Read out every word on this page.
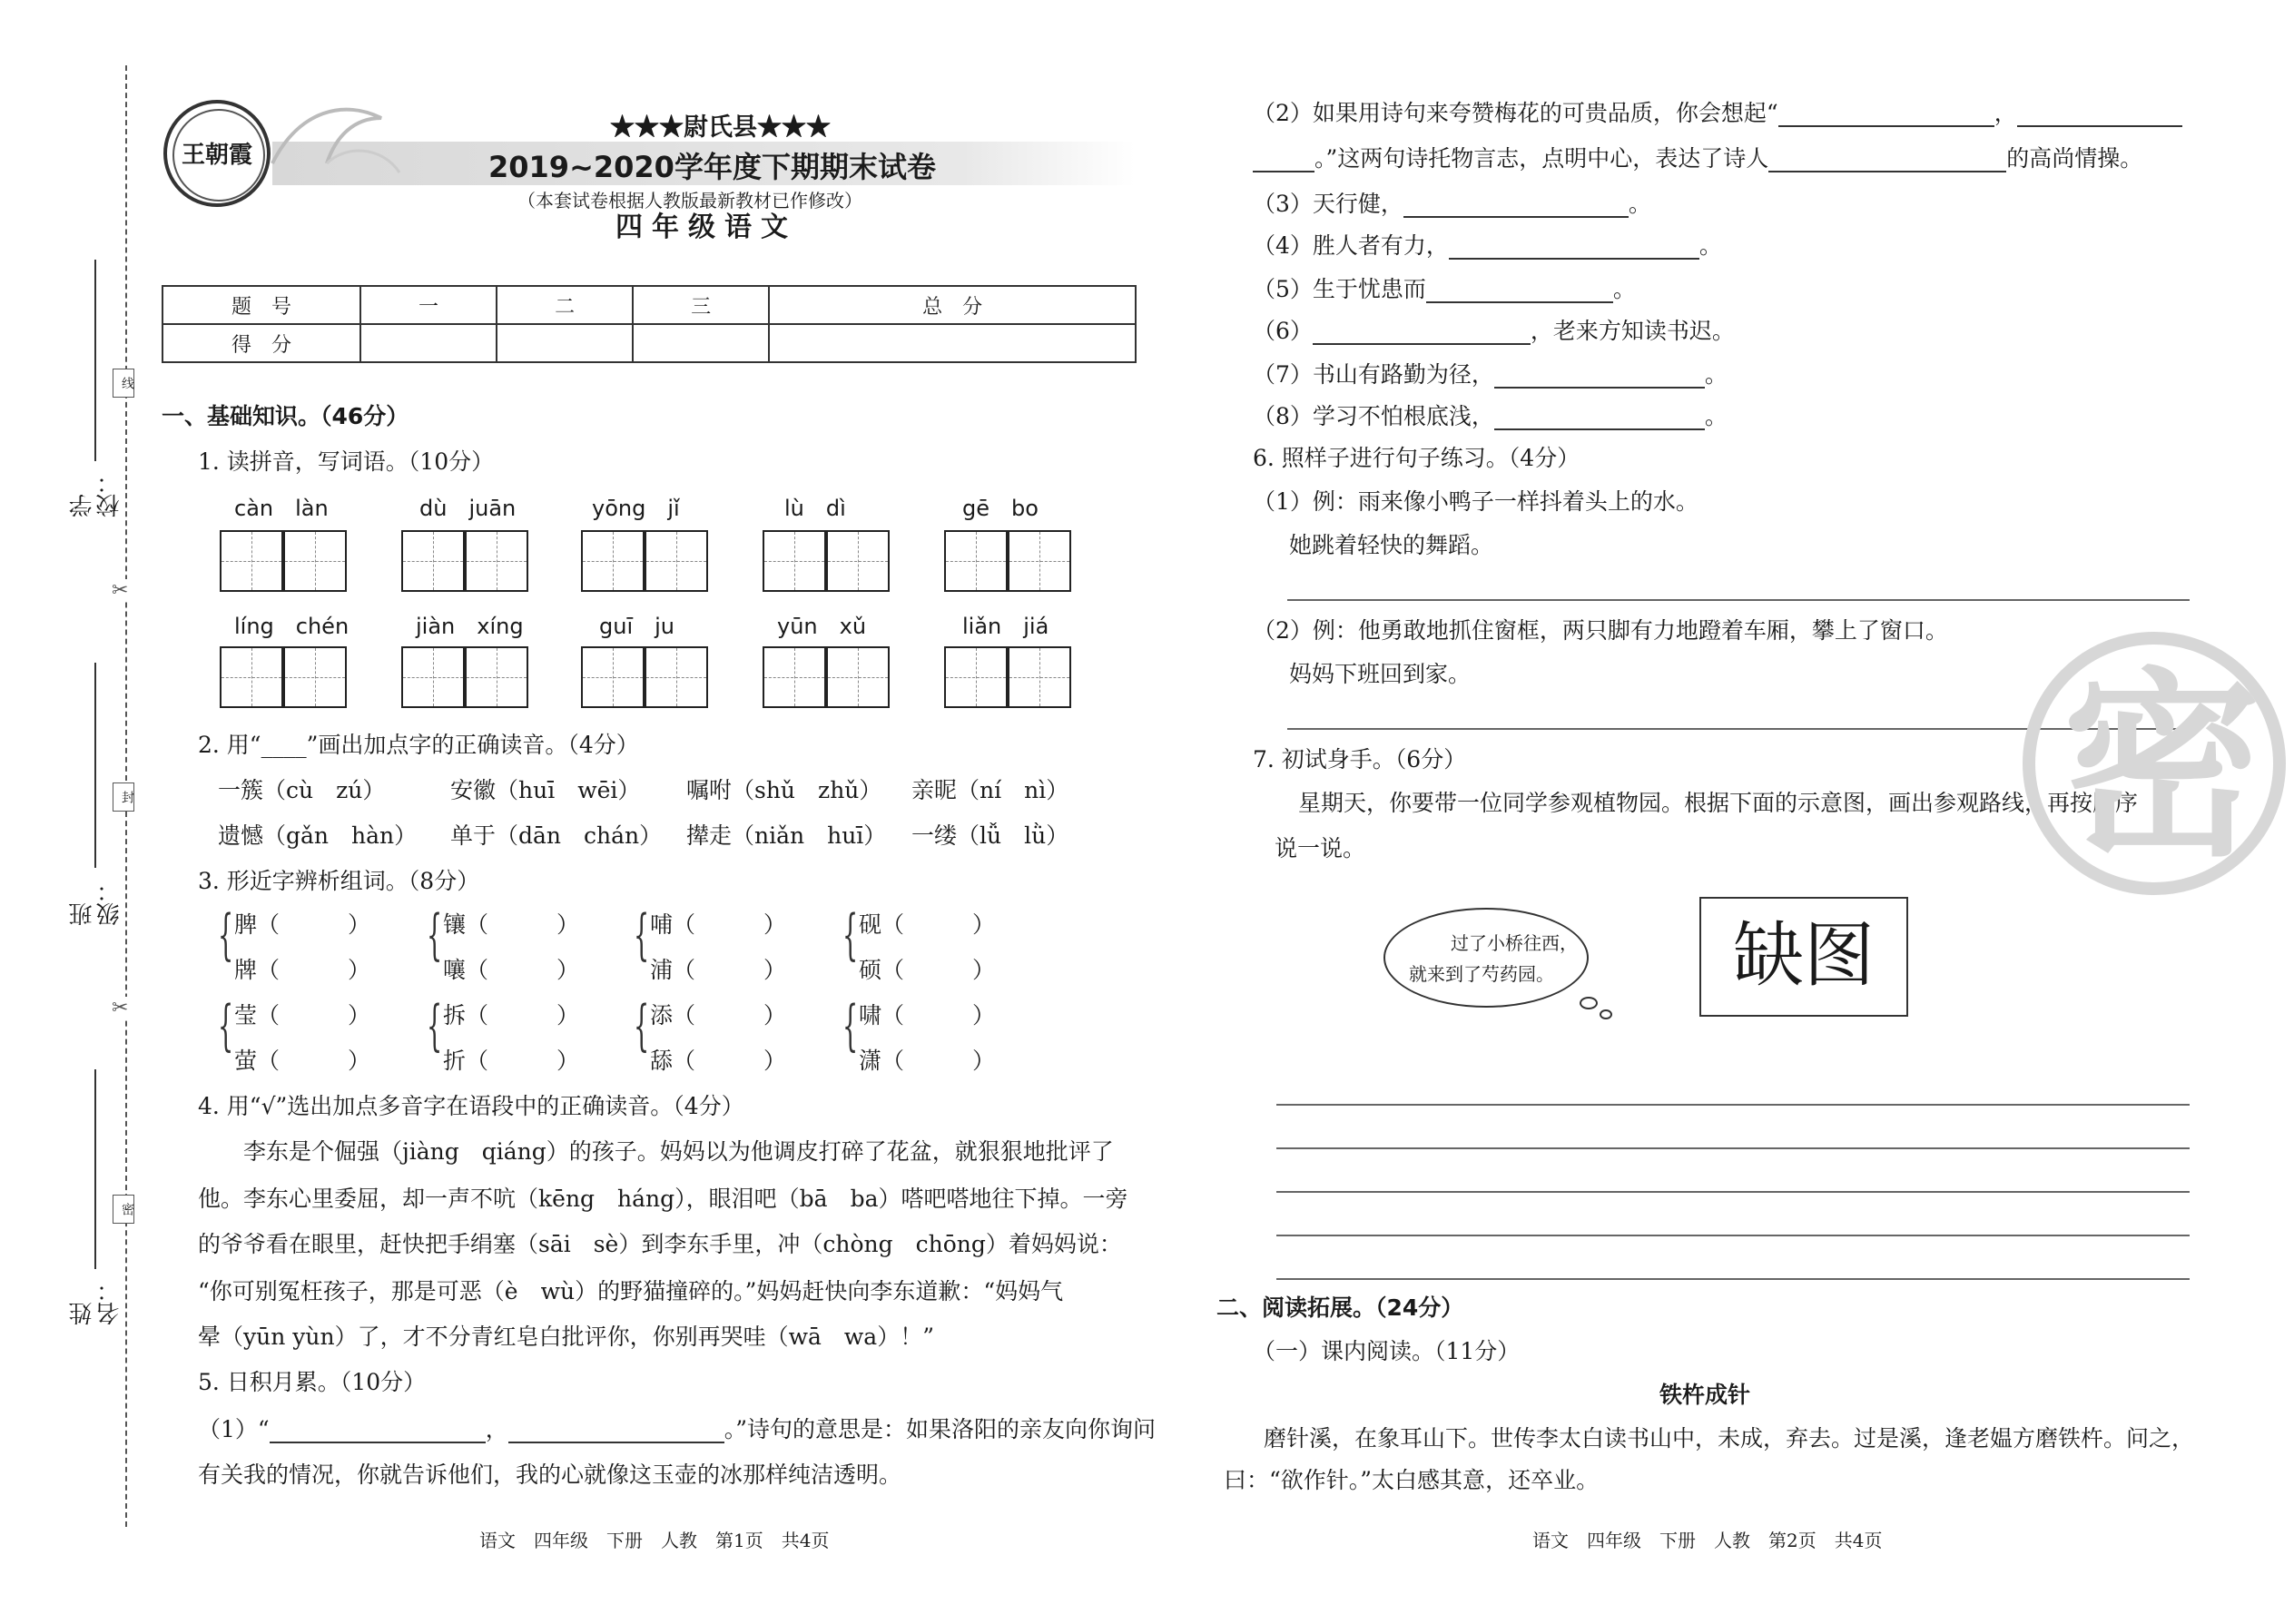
学校：
班级：
姓名：
线
封
密
✂
✂
王朝霞
★★★尉氏县★★★
2019~2020学年度下期期末试卷
（本套试卷根据人教版最新教材已作修改）
四年级语文
题　号	一	二	三	总　分
得　分				
一、基础知识。（46分）
1. 读拼音，写词语。（10分）
càn　làn	dù　juān	yōng　jǐ	lù　dì	gē　bo
líng　chén	jiàn　xíng	guī　ju	yūn　xǔ	liǎn　jiá
2. 用“____”画出加点字的正确读音。（4分）
一簇（cù　zú）	安徽（huī　wēi） 嘱咐（shǔ　zhǔ） 亲昵（ní　nì）
遗憾（gǎn　hàn） 单于（dān　chán） 撵走（niǎn　huī） 一缕（lǚ　lǜ）
3. 形近字辨析组词。（8分）
{ 脾（　　　）
牌（　　　）
{ 镶（　　　）
嚷（　　　）
{ 哺（　　　）
浦（　　　）
{ 砚（　　　）
硕（　　　）
{ 莹（　　　）
萤（　　　）
{ 拆（　　　）
折（　　　）
{ 添（　　　）
舔（　　　）
{ 啸（　　　）
潇（　　　）
4. 用“√”选出加点多音字在语段中的正确读音。（4分）
　　李东是个倔强（jiàng　qiáng）的孩子。妈妈以为他调皮打碎了花盆，就狠狠地批评了
他。李东心里委屈，却一声不吭（kēng　háng），眼泪吧（bā　ba）嗒吧嗒地往下掉。一旁
的爷爷看在眼里，赶快把手绢塞（sāi　sè）到李东手里，冲（chòng　chōng）着妈妈说：
“你可别冤枉孩子，那是可恶（è　wù）的野猫撞碎的。”妈妈赶快向李东道歉：“妈妈气
晕（yūn yùn）了，才不分青红皂白批评你，你别再哭哇（wā　wa）！”
5. 日积月累。（10分）
（1）“	，	。”诗句的意思是：如果洛阳的亲友向你询问
有关我的情况，你就告诉他们，我的心就像这玉壶的冰那样纯洁透明。
语文　四年级　下册　人教　第1页　共4页
（2）如果用诗句来夸赞梅花的可贵品质，你会想起“	，
。”这两句诗托物言志，点明中心，表达了诗人	的高尚情操。
（3）天行健，	。
（4）胜人者有力，	。
（5）生于忧患而	。
（6）	，老来方知读书迟。
（7）书山有路勤为径，	。
（8）学习不怕根底浅，	。
6. 照样子进行句子练习。（4分）
（1）例：雨来像小鸭子一样抖着头上的水。
她跳着轻快的舞蹈。
（2）例：他勇敢地抓住窗框，两只脚有力地蹬着车厢，攀上了窗口。
妈妈下班回到家。
7. 初试身手。（6分）
　　星期天，你要带一位同学参观植物园。根据下面的示意图，画出参观路线，再按顺序
说一说。
过了小桥往西，
就来到了芍药园。	缺图
二、阅读拓展。（24分）
（一）课内阅读。（11分）
铁杵成针
磨针溪，在象耳山下。世传李太白读书山中，未成，弃去。过是溪，逢老媪方磨铁杵。问之，
曰：“欲作针。”太白感其意，还卒业。
语文　四年级　下册　人教　第2页　共4页
密
